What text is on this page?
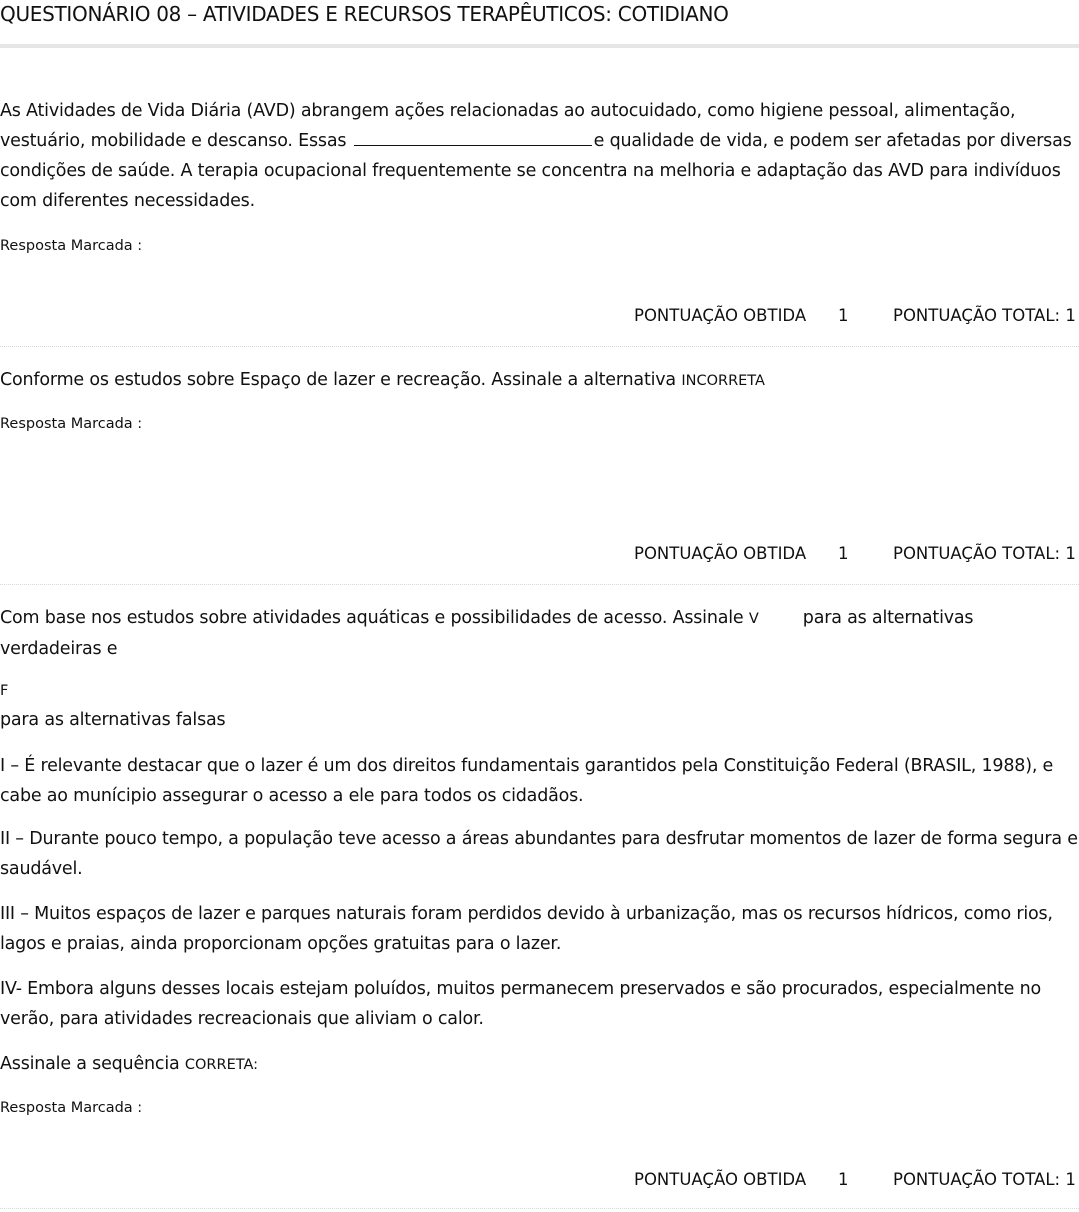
QUESTIONÁRIO 08 – ATIVIDADES E RECURSOS TERAPÊUTICOS: COTIDIANO

As Atividades de Vida Diária (AVD) abrangem ações relacionadas ao autocuidado, como higiene pessoal, alimentação, vestuário, mobilidade e descanso. Essas	e qualidade de vida, e podem ser afetadas por diversas condições de saúde. A terapia ocupacional frequentemente se concentra na melhoria e adaptação das AVD para indivíduos com diferentes necessidades.

Resposta Marcada :
PONTUAÇÃO OBTIDA 1	PONTUAÇÃO TOTAL: 1

Conforme os estudos sobre Espaço de lazer e recreação. Assinale a alternativa INCORRETA

Resposta Marcada :
PONTUAÇÃO OBTIDA 1	PONTUAÇÃO TOTAL: 1

Com base nos estudos sobre atividades aquáticas e possibilidades de acesso. Assinale V	para as alternativas verdadeiras e

F

para as alternativas falsas

I – É relevante destacar que o lazer é um dos direitos fundamentais garantidos pela Constituição Federal (BRASIL, 1988), e cabe ao munícipio assegurar o acesso a ele para todos os cidadãos.

II – Durante pouco tempo, a população teve acesso a áreas abundantes para desfrutar momentos de lazer de forma segura e saudável.

III – Muitos espaços de lazer e parques naturais foram perdidos devido à urbanização, mas os recursos hídricos, como rios, lagos e praias, ainda proporcionam opções gratuitas para o lazer.

IV- Embora alguns desses locais estejam poluídos, muitos permanecem preservados e são procurados, especialmente no verão, para atividades recreacionais que aliviam o calor.

Assinale a sequência CORRETA:

Resposta Marcada :
PONTUAÇÃO OBTIDA 1	PONTUAÇÃO TOTAL: 1
